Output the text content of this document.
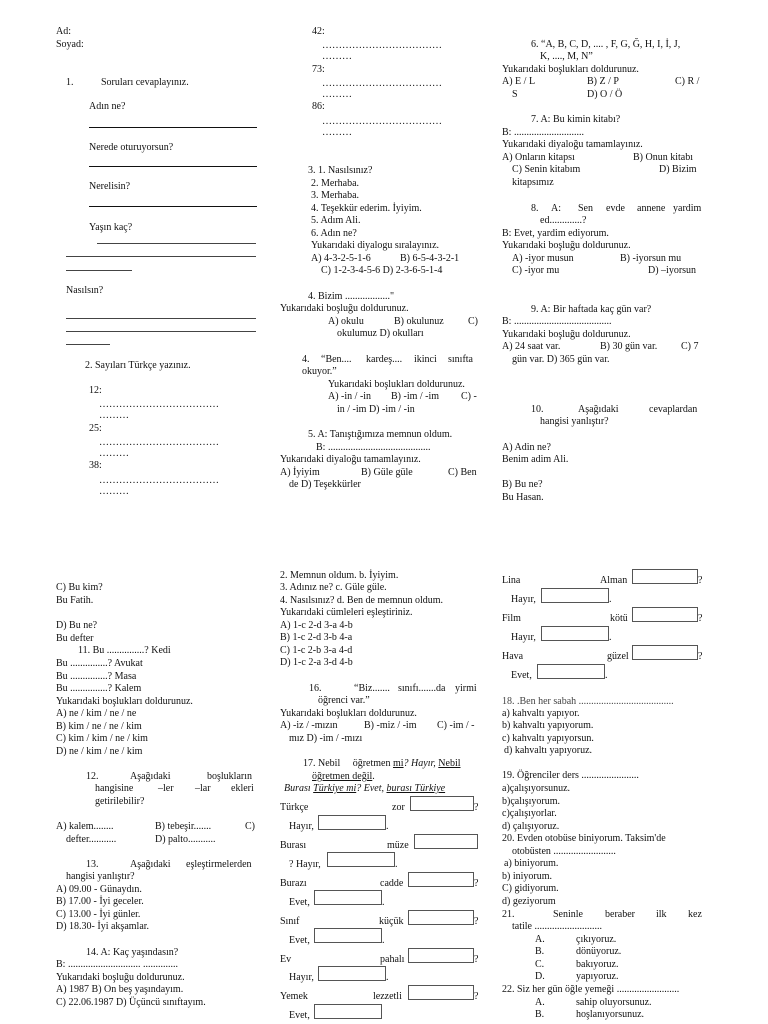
Ad:
Soyad:
1.	Soruları cevaplayınız.
Adın ne?
Nerede oturuyorsun?
Nerelisin?
Yaşın kaç?
Nasılsın?
2. Sayıları Türkçe yazınız.
12:
………………………………
………
25:
………………………………
………
38:
………………………………
………
C) Bu kim?
Bu Fatih.
D) Bu ne?
Bu defter
11. Bu ...............? Kedi
Bu ...............? Avukat
Bu ...............? Masa
Bu ...............? Kalem
Yukarıdaki boşlukları doldurunuz.
A) ne / kim / ne / ne
B) kim / ne / ne / kim
C) kim / kim / ne / kim
D) ne / kim / ne / kim
12.	Aşağıdaki	boşlukların
hangisine –ler –lar ekleri
getirilebilir?
A) kalem........	B) tebeşir.......	C)
defter...........	D) palto...........
13.	Aşağıdaki eşleştirmelerden
hangisi yanlıştır?
A) 09.00 - Günaydın.
B) 17.00 - İyi geceler.
C) 13.00 - İyi günler.
D) 18.30- İyi akşamlar.
14. A: Kaç yaşındasın?
B: ............................. ..............
Yukarıdaki boşluğu doldurunuz.
A) 1987 B) On beş yaşındayım.
C) 22.06.1987 D) Üçüncü sınıftayım.
42:
………………………………
………
73:
………………………………
………
86:
………………………………
………
3. 1. Nasılsınız?
2. Merhaba.
3. Merhaba.
4. Teşekkür ederim. İyiyim.
5. Adım Ali.
6. Adın ne?
Yukarıdaki diyalogu sıralayınız.
A) 4-3-2-5-1-6	B) 6-5-4-3-2-1
C) 1-2-3-4-5-6 D) 2-3-6-5-1-4
4. Bizim .................."
Yukarıdaki boşluğu doldurunuz.
A) okulu	B) okulunuz C)
okulumuz D) okulları
4. “Ben.... kardeş.... ikinci sınıfta
okuyor.”
Yukarıdaki boşlukları doldurunuz.
A) -in / -in B) -im / -im C) -
in / -im D) -im / -in
5. A: Tanıştığımıza memnun oldum.
B: .........................................
Yukarıdaki diyaloğu tamamlayınız.
A) İyiyim	B) Güle güle	C) Ben
de D) Teşekkürler
2. Memnun oldum. b. İyiyim.
3. Adınız ne? c. Güle güle.
4. Nasılsınız? d. Ben de memnun oldum.
Yukarıdaki cümleleri eşleştiriniz.
A) 1-c 2-d 3-a 4-b
B) 1-c 2-d 3-b 4-a
C) 1-c 2-b 3-a 4-d
D) 1-c 2-a 3-d 4-b
16.	“Biz....... sınıfı.......da yirmi
öğrenci var.”
Yukarıdaki boşlukları doldurunuz.
A) -iz / -mızın	B) -miz / -im C) -im / -
mız D) -im / -mızı
17. Nebil öğretmen mi? Hayır, Nebil
öğretmen değil.
Burası Türkiye mi? Evet, burası Türkiye
Türkçe	zor	?
Hayır,	.
Burası	müze
? Hayır,	.
Burazı	cadde	?
Evet,	.
Sınıf	küçük	?
Evet,	.
Ev	pahalı	?
Hayır,	.
Yemek	lezzetli	?
Evet,
6. “A, B, C, D, .... , F, G, Ğ, H, I, İ, J,
K, ...., M, N”
Yukarıdaki boşlukları doldurunuz.
A) E / L	B) Z / P	C) R /
S	D) O / Ö
7. A: Bu kimin kitabı?
B: ............................
Yukarıdaki diyaloğu tamamlayınız.
A) Onların kitapsı	B) Onun kitabı
C) Senin kitabım	D) Bizim
kitapsımız
8. A: Sen evde annene yardim
ed.............?
B: Evet, yardim ediyorum.
Yukarıdaki boşluğu doldurunuz.
A) -iyor musun	B) -iyorsun mu
C) -iyor mu	D) –iyorsun
9. A: Bir haftada kaç gün var?
B: .......................................
Yukarıdaki boşluğu doldurunuz.
A) 24 saat var.	B) 30 gün var. C) 7
gün var. D) 365 gün var.
10.	Aşağıdaki	cevaplardan
hangisi yanlıştır?
A) Adin ne?
Benim adim Ali.
B) Bu ne?
Bu Hasan.
Lina	Alman	?
Hayır,	.
Film	kötü	?
Hayır,	.
Hava	güzel	?
Evet,	.
18. .Ben her sabah ......................................
a) kahvaltı yapıyor.
b) kahvaltı yapıyorum.
c) kahvaltı yapıyorsun.
d) kahvaltı yapıyoruz.
19. Öğrenciler ders .......................
a)çalışıyorsunuz.
b)çalışıyorum.
c)çalışıyorlar.
d) çalışıyoruz.
20. Evden otobüse biniyorum. Taksim'de
otobüsten .........................
a) biniyorum.
b) iniyorum.
C) gidiyorum.
d) geziyorum
21.	Seninle beraber ilk kez
tatile ...........................
A.	çıkıyoruz.
B.	dönüyoruz.
C.	bakıyoruz.
D.	yapıyoruz.
22. Siz her gün öğle yemeği .........................
A.	sahip oluyorsunuz.
B.	hoşlanıyorsunuz.
